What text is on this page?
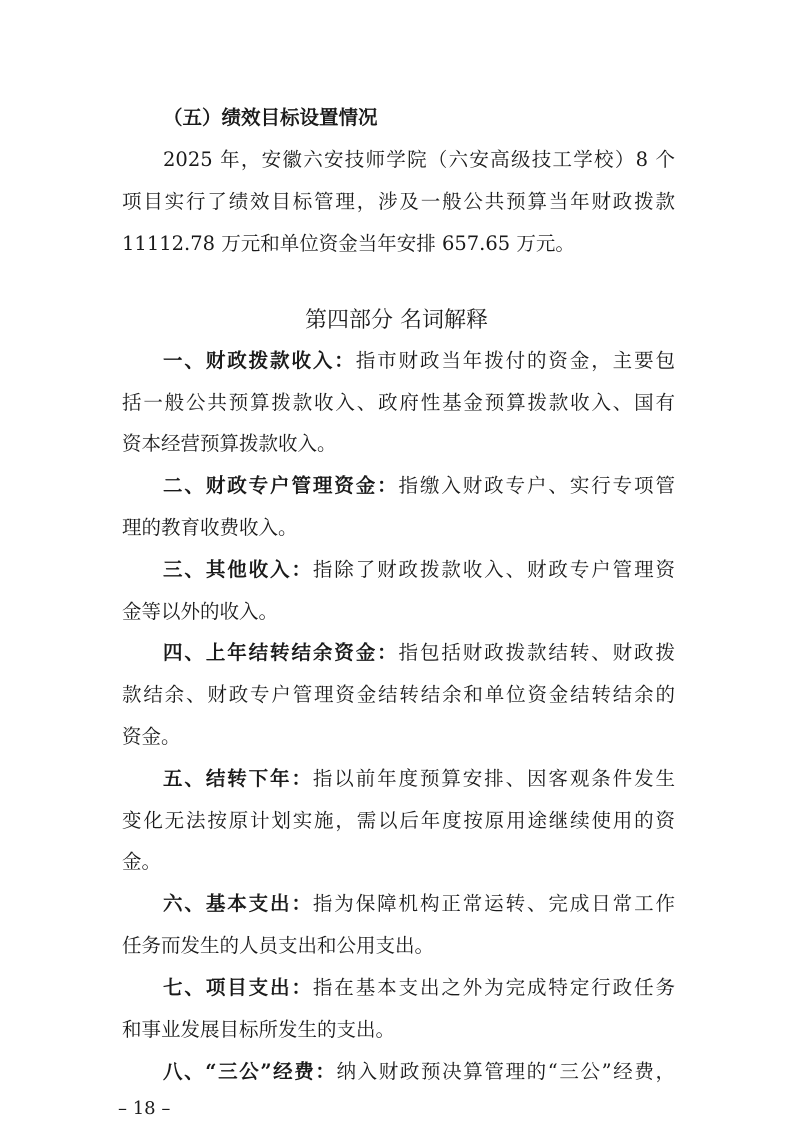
（五）绩效目标设置情况
2025 年，安徽六安技师学院（六安高级技工学校）8 个
项目实行了绩效目标管理，涉及一般公共预算当年财政拨款
11112.78 万元和单位资金当年安排 657.65 万元。
第四部分 名词解释
一、财政拨款收入：指市财政当年拨付的资金，主要包
括一般公共预算拨款收入、政府性基金预算拨款收入、国有
资本经营预算拨款收入。
二、财政专户管理资金：指缴入财政专户、实行专项管
理的教育收费收入。
三、其他收入：指除了财政拨款收入、财政专户管理资
金等以外的收入。
四、上年结转结余资金：指包括财政拨款结转、财政拨
款结余、财政专户管理资金结转结余和单位资金结转结余的
资金。
五、结转下年：指以前年度预算安排、因客观条件发生
变化无法按原计划实施，需以后年度按原用途继续使用的资
金。
六、基本支出：指为保障机构正常运转、完成日常工作
任务而发生的人员支出和公用支出。
七、项目支出：指在基本支出之外为完成特定行政任务
和事业发展目标所发生的支出。
八、“三公”经费：纳入财政预决算管理的“三公”经费，
– 18 –
